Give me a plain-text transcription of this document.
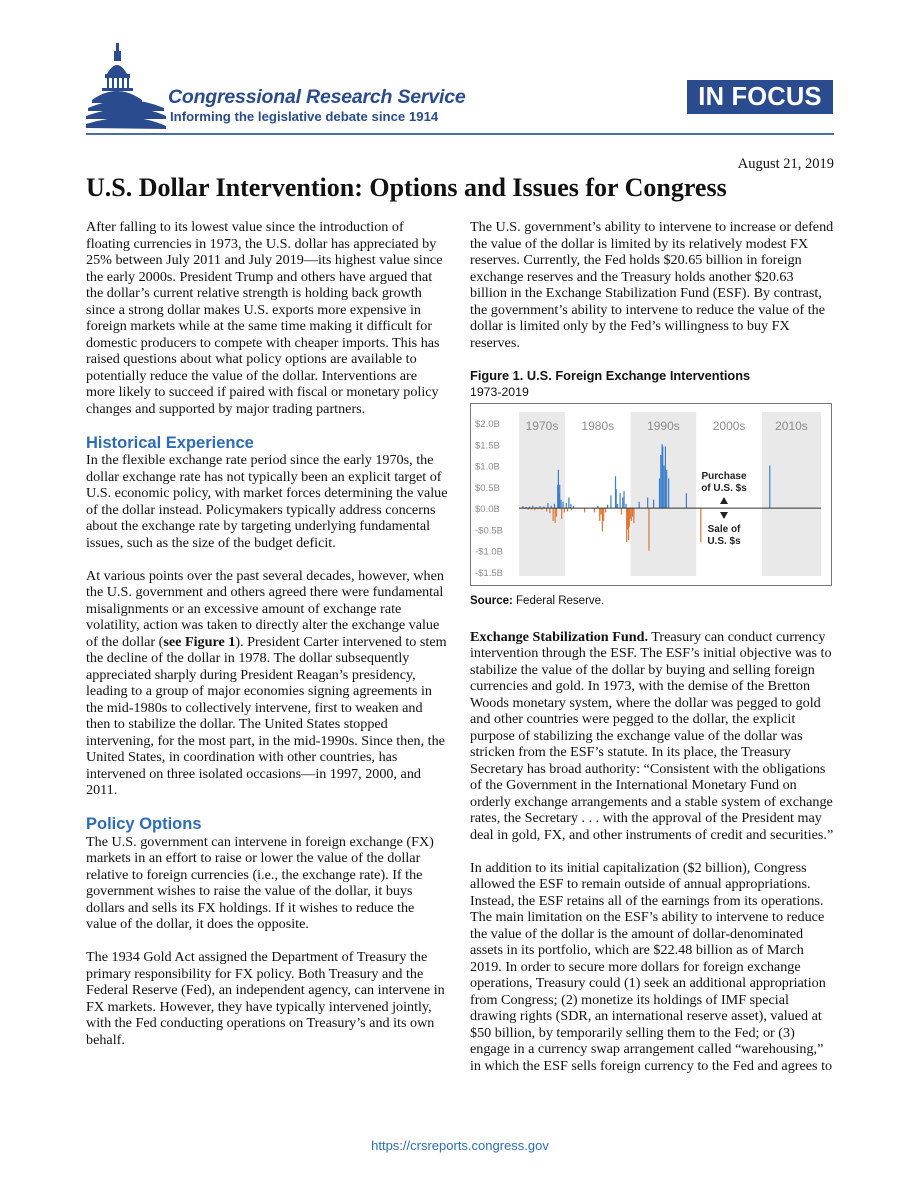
Congressional Research Service
Informing the legislative debate since 1914
IN FOCUS
August 21, 2019
U.S. Dollar Intervention: Options and Issues for Congress

After falling to its lowest value since the introduction of floating currencies in 1973, the U.S. dollar has appreciated by 25% between July 2011 and July 2019—its highest value since the early 2000s. President Trump and others have argued that the dollar’s current relative strength is holding back growth since a strong dollar makes U.S. exports more expensive in foreign markets while at the same time making it difficult for domestic producers to compete with cheaper imports. This has raised questions about what policy options are available to potentially reduce the value of the dollar. Interventions are more likely to succeed if paired with fiscal or monetary policy changes and supported by major trading partners.

Historical Experience

In the flexible exchange rate period since the early 1970s, the dollar exchange rate has not typically been an explicit target of U.S. economic policy, with market forces determining the value of the dollar instead. Policymakers typically address concerns about the exchange rate by targeting underlying fundamental issues, such as the size of the budget deficit.

At various points over the past several decades, however, when the U.S. government and others agreed there were fundamental misalignments or an excessive amount of exchange rate volatility, action was taken to directly alter the exchange value of the dollar (see Figure 1). President Carter intervened to stem the decline of the dollar in 1978. The dollar subsequently appreciated sharply during President Reagan’s presidency, leading to a group of major economies signing agreements in the mid-1980s to collectively intervene, first to weaken and then to stabilize the dollar. The United States stopped intervening, for the most part, in the mid-1990s. Since then, the United States, in coordination with other countries, has intervened on three isolated occasions—in 1997, 2000, and 2011.

Policy Options

The U.S. government can intervene in foreign exchange (FX) markets in an effort to raise or lower the value of the dollar relative to foreign currencies (i.e., the exchange rate). If the government wishes to raise the value of the dollar, it buys dollars and sells its FX holdings. If it wishes to reduce the value of the dollar, it does the opposite.

The 1934 Gold Act assigned the Department of Treasury the primary responsibility for FX policy. Both Treasury and the Federal Reserve (Fed), an independent agency, can intervene in FX markets. However, they have typically intervened jointly, with the Fed conducting operations on Treasury’s and its own behalf.

The U.S. government’s ability to intervene to increase or defend the value of the dollar is limited by its relatively modest FX reserves. Currently, the Fed holds $20.65 billion in foreign exchange reserves and the Treasury holds another $20.63 billion in the Exchange Stabilization Fund (ESF). By contrast, the government’s ability to intervene to reduce the value of the dollar is limited only by the Fed’s willingness to buy FX reserves.

Figure 1. U.S. Foreign Exchange Interventions
1973-2019
1970s 1980s	1990s	2000s 2010s
$2.0B
$1.5B
$1.0B
$0.5B
$0.0B
-$0.5B
-$1.0B
-$1.5B
Purchase
of U.S. $s
Sale of
U.S. $s
Source: Federal Reserve.

Exchange Stabilization Fund. Treasury can conduct currency intervention through the ESF. The ESF’s initial objective was to stabilize the value of the dollar by buying and selling foreign currencies and gold. In 1973, with the demise of the Bretton Woods monetary system, where the dollar was pegged to gold and other countries were pegged to the dollar, the explicit purpose of stabilizing the exchange value of the dollar was stricken from the ESF’s statute. In its place, the Treasury Secretary has broad authority: “Consistent with the obligations of the Government in the International Monetary Fund on orderly exchange arrangements and a stable system of exchange rates, the Secretary . . . with the approval of the President may deal in gold, FX, and other instruments of credit and securities.”

In addition to its initial capitalization ($2 billion), Congress allowed the ESF to remain outside of annual appropriations. Instead, the ESF retains all of the earnings from its operations. The main limitation on the ESF’s ability to intervene to reduce the value of the dollar is the amount of dollar-denominated assets in its portfolio, which are $22.48 billion as of March 2019. In order to secure more dollars for foreign exchange operations, Treasury could (1) seek an additional appropriation from Congress; (2) monetize its holdings of IMF special drawing rights (SDR, an international reserve asset), valued at $50 billion, by temporarily selling them to the Fed; or (3) engage in a currency swap arrangement called “warehousing,” in which the ESF sells foreign currency to the Fed and agrees to

https://crsreports.congress.gov
